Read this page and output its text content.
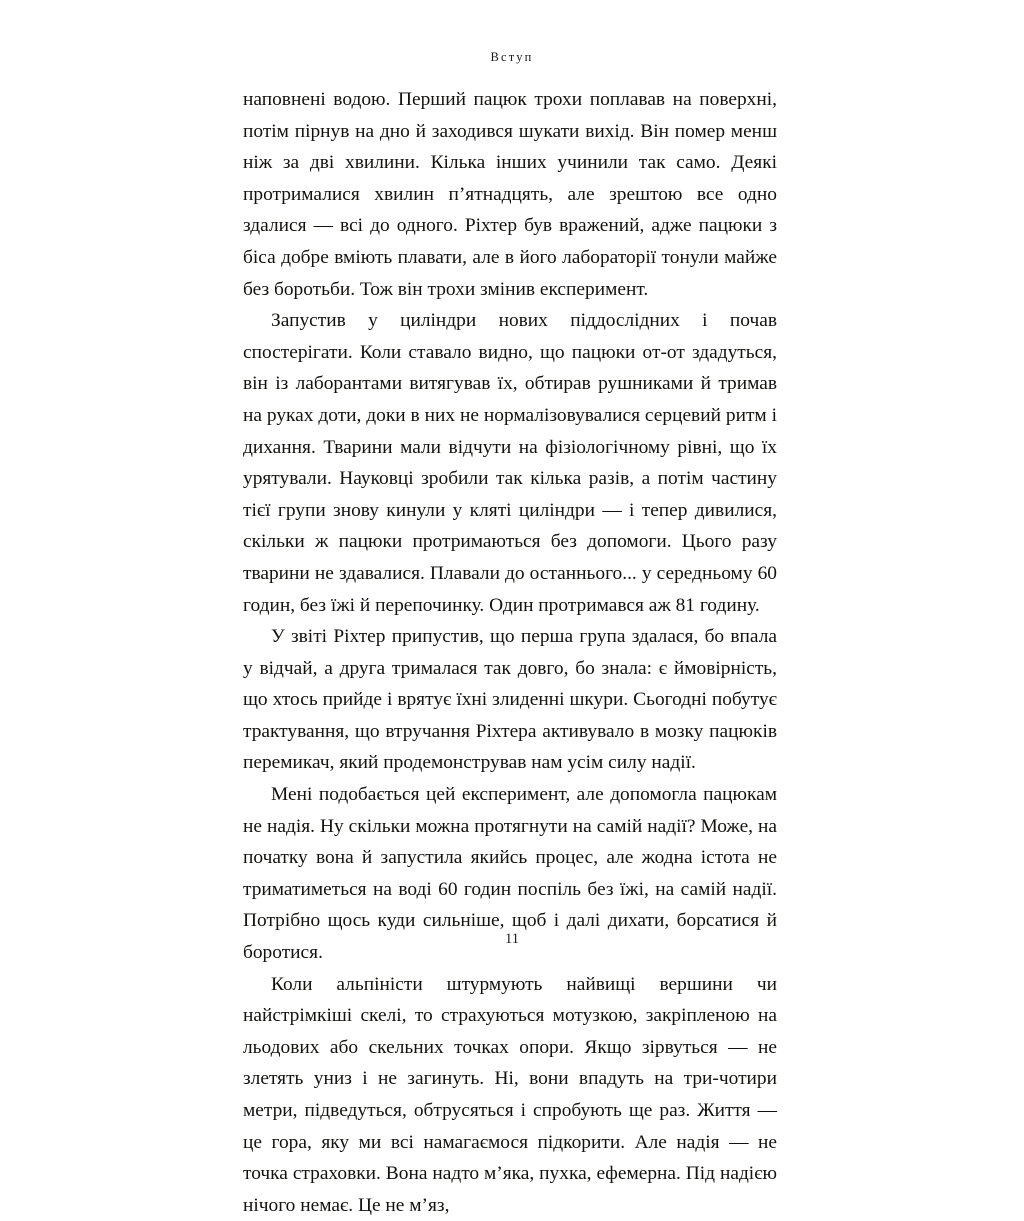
Вступ

наповнені водою. Перший пацюк трохи поплавав на поверхні, потім пірнув на дно й заходився шукати вихід. Він помер менш ніж за дві хвилини. Кілька інших учинили так само. Деякі протрималися хвилин п’ятнадцять, але зрештою все одно здалися — всі до одного. Ріхтер був вражений, адже пацюки з біса добре вміють плавати, але в його лабораторії тонули майже без боротьби. Тож він трохи змінив експеримент.

Запустив у циліндри нових піддослідних і почав спостерігати. Коли ставало видно, що пацюки от-от здадуться, він із лаборантами витягував їх, обтирав рушниками й тримав на руках доти, доки в них не нормалізовувалися серцевий ритм і дихання. Тварини мали відчути на фізіологічному рівні, що їх урятували. Науковці зробили так кілька разів, а потім частину тієї групи знову кинули у кляті циліндри — і тепер дивилися, скільки ж пацюки протримаються без допомоги. Цього разу тварини не здавалися. Плавали до останнього... у середньому 60 годин, без їжі й перепочинку. Один протримався аж 81 годину.

У звіті Ріхтер припустив, що перша група здалася, бо впала у відчай, а друга трималася так довго, бо знала: є ймовірність, що хтось прийде і врятує їхні злиденні шкури. Сьогодні побутує трактування, що втручання Ріхтера активувало в мозку пацюків перемикач, який продемонстрував нам усім силу надії.

Мені подобається цей експеримент, але допомогла пацюкам не надія. Ну скільки можна протягнути на самій надії? Може, на початку вона й запустила якийсь процес, але жодна істота не триматиметься на воді 60 годин поспіль без їжі, на самій надії. Потрібно щось куди сильніше, щоб і далі дихати, борсатися й боротися.

Коли альпіністи штурмують найвищі вершини чи найстрімкіші скелі, то страхуються мотузкою, закріпленою на льодових або скельних точках опори. Якщо зірвуться — не злетять униз і не загинуть. Ні, вони впадуть на три-чотири метри, підведуться, обтрусяться і спробують ще раз. Життя — це гора, яку ми всі намагаємося підкорити. Але надія — не точка страховки. Вона надто м’яка, пухка, ефемерна. Під надією нічого немає. Це не м’яз,

11
